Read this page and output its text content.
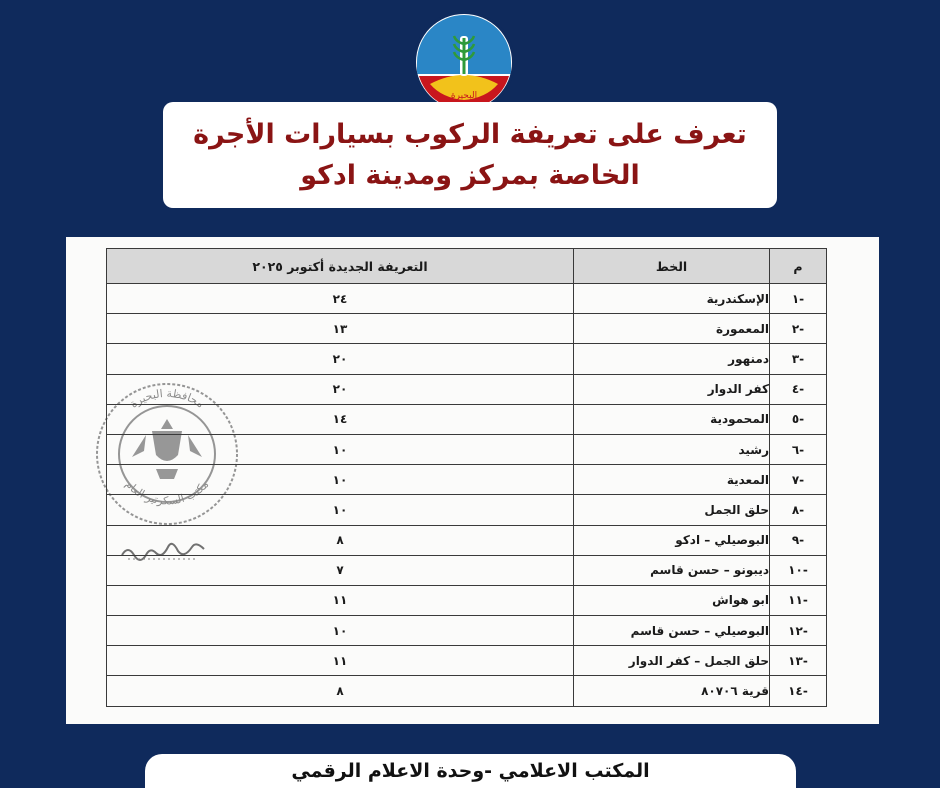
البحيرة
تعرف على تعريفة الركوب بسيارات الأجرة
الخاصة بمركز ومدينة ادكو
محافظة البحيرة
مكتب السكرتير العام
م	الخط	التعريفة الجديدة أكتوبر ٢٠٢٥
-١	الإسكندرية	٢٤
-٢	المعمورة	١٣
-٣	دمنهور	٢٠
-٤	كفر الدوار	٢٠
-٥	المحمودية	١٤
-٦	رشيد	١٠
-٧	المعدية	١٠
-٨	حلق الجمل	١٠
-٩	البوصيلي – ادكو	٨
-١٠	ديبونو – حسن قاسم	٧
-١١	ابو هواش	١١
-١٢	البوصيلي – حسن قاسم	١٠
-١٣	حلق الجمل – كفر الدوار	١١
-١٤	قرية ٨٠٧٠٦	٨
المكتب الاعلامي -وحدة الاعلام الرقمي
